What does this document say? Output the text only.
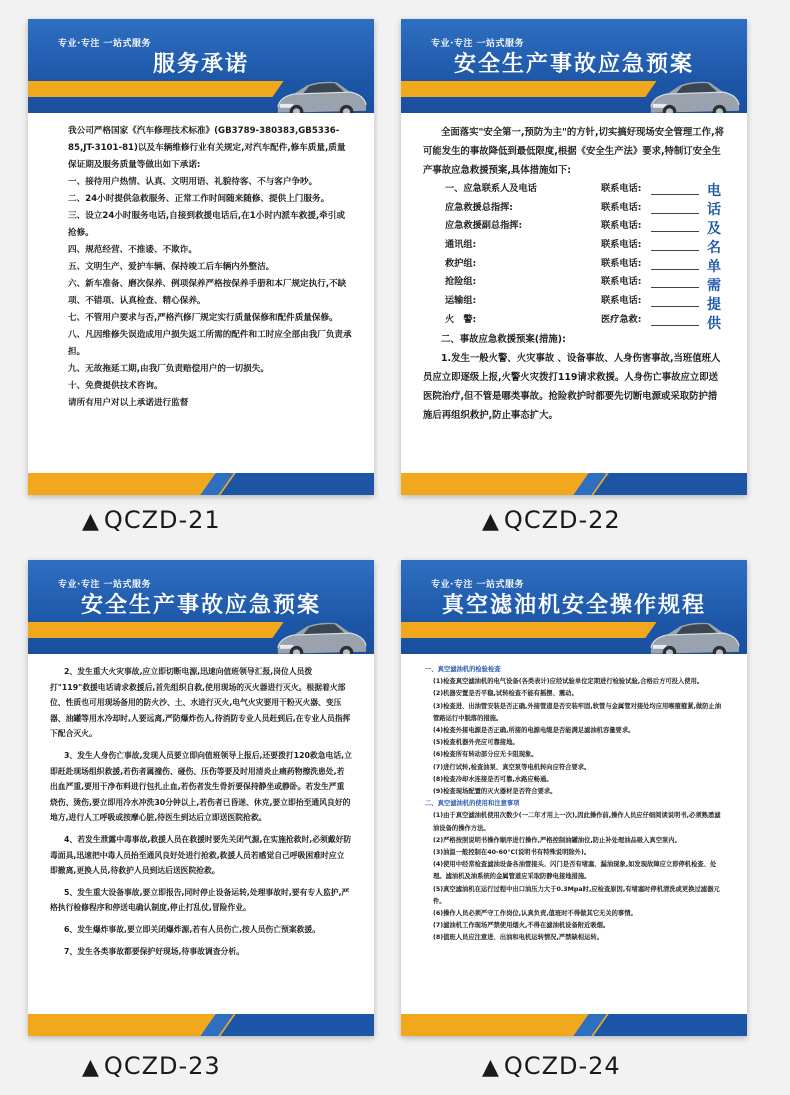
专业·专注 一站式服务
服务承诺

我公司严格国家《汽车修理技术标准》(GB3789-380383,GB5336-85,JT-3101-81)以及车辆维修行业有关规定,对汽车配件,修车质量,质量保证期及服务质量等做出如下承诺:

一、接待用户热情、认真、文明用语、礼貌待客、不与客户争吵。

二、24小时提供急救服务、正常工作时间随来随修、提供上门服务。

三、设立24小时服务电话,自接到救援电话后,在1小时内派车救援,牵引或抢修。

四、规范经营、不推诿、不欺诈。

五、文明生产、爱护车辆、保持竣工后车辆内外整洁。

六、新车准备、磨次保养、例项保养严格按保养手册和本厂规定执行,不缺项、不错项、认真检查、精心保养。

七、不管用户要求与否,严格汽修厂规定实行质量保修和配件质量保修。

八、凡因维修失误造成用户损失返工所需的配件和工时应全部由我厂负责承担。

九、无故拖延工期,由我厂负责赔偿用户的一切损失。

十、免费提供技术咨询。

请所有用户对以上承诺进行监督

专业·专注 一站式服务
安全生产事故应急预案

全面落实"安全第一,预防为主"的方针,切实搞好现场安全管理工作,将可能发生的事故降低到最低限度,根据《安全生产法》要求,特制订安全生产事故应急救援预案,具体措施如下:

一、应急联系人及电话	联系电话:
应急救援总指挥:	联系电话:
应急救援副总指挥:	联系电话:
通讯组:	联系电话:
救护组:	联系电话:
抢险组:	联系电话:
运输组:	联系电话:
火　警:	医疗急救:
电话及名单需提供

二、事故应急救援预案(措施):

1.发生一般火警、火灾事故 、设备事故、人身伤害事故,当班值班人员应立即逐级上报,火警火灾拨打119请求救援。人身伤亡事故应立即送医院治疗,但不管是哪类事故。抢险救护时都要先切断电源或采取防护措施后再组织救护,防止事态扩大。

专业·专注 一站式服务
安全生产事故应急预案

2、发生重大火灾事故,应立即切断电源,迅速向值班领导汇报,岗位人员拨打"119"救援电话请求救援后,首先组织自救,使用现场的灭火器进行灭火。根据着火部位、性质也可用现场备用的防火沙、土、水进行灭火,电气火灾要用干粉灭火器、变压器、油罐等用水冷却时,人要远离,严防爆炸伤人,待消防专业人员赶到后,在专业人员指挥下配合灭火。

3、发生人身伤亡事故,发现人员要立即向值班领导上报后,还要拨打120救急电话,立即赶赴现场组织救援,若伤者属撞伤、碰伤、压伤等要及时用清炎止痛药物擦洗患处,若出血严重,要用干净布料进行包扎止血,若伤者发生骨折要保持静坐或静卧。若发生严重烧伤、烫伤,要立即用冷水冲洗30分钟以上,若伤者已昏迷、休克,要立即抬至通风良好的地方,进行人工呼吸或按摩心脏,待医生到达后立即送医院抢救。

4、若发生泄露中毒事故,救援人员在救援时要先关闭气源,在实施抢救时,必须戴好防毒面具,迅速把中毒人员抬至通风良好处进行抢救,救援人员若感觉自己呼吸困难时应立即撤离,更换人员,待救护人员到达后送医院抢救。

5、发生重大设备事故,要立即报告,同时停止设备运转,处理事故时,要有专人监护,严格执行检修程序和停送电确认制度,停止打乱仗,冒险作业。

6、发生爆炸事故,要立即关闭爆炸源,若有人员伤亡,按人员伤亡预案救援。

7、发生各类事故都要保护好现场,待事故调查分析。

专业·专注 一站式服务
真空滤油机安全操作规程

一、真空滤油机的检验检查

(1)检查真空滤油机的电气设备(各类表计)应经试验单位定期进行检验试验,合格后方可投入使用。

(2)机器安置是否平稳,试转检查不能有摇摆、震动。

(3)检查进、出油管安装是否正确,外接管道是否安装牢固,软管与金属管对接处均应用喉箍箍紧,做防止油管路运行中脱落的措施。

(4)检查外接电源是否正确,所接的电源电缆是否能满足滤油机容量要求。

(5)检查机器外壳应可靠接地。

(6)检查所有转动部分应无卡阻现象。

(7)进行试转,检查油泵、真空泵等电机转向应符合要求。

(8)检查冷却水连接是否可靠,水路应畅通。

(9)检查现场配置的灭火器材是否符合要求。

二、真空滤油机的使用和注意事项

(1)由于真空滤油机使用次数少(一二年才用上一次),因此操作前,操作人员应仔细阅读说明书,必须熟悉滤油设备的操作方法。

(2)严格按照说明书操作顺序进行操作,严格控制油罐油位,防止补处理油品吸入真空泵内。

(3)油温一般控制在40-60°C(说明书有特殊说明除外)。

(4)使用中经常检查滤油设备各油管接头、闪门是否有堵塞、漏油现象,如发现故障应立即停机检查、处理。滤油机及油系统的金属管道应采取防静电接地措施。

(5)真空滤油机在运行过程中出口油压力大于0.3Mpa时,应检查原因,有堵塞时停机清洗或更换过滤器元件。

(6)操作人员必须严守工作岗位,认真负责,值班时不得做其它无关的事情。

(7)滤油机工作现场严禁使用烟火,不得在滤油机设备附近吸烟。

(8)值班人员应注意进、出油和电机运转情况,严禁缺相运转。

▲ QCZD-21	▲ QCZD-22
▲ QCZD-23	▲ QCZD-24
